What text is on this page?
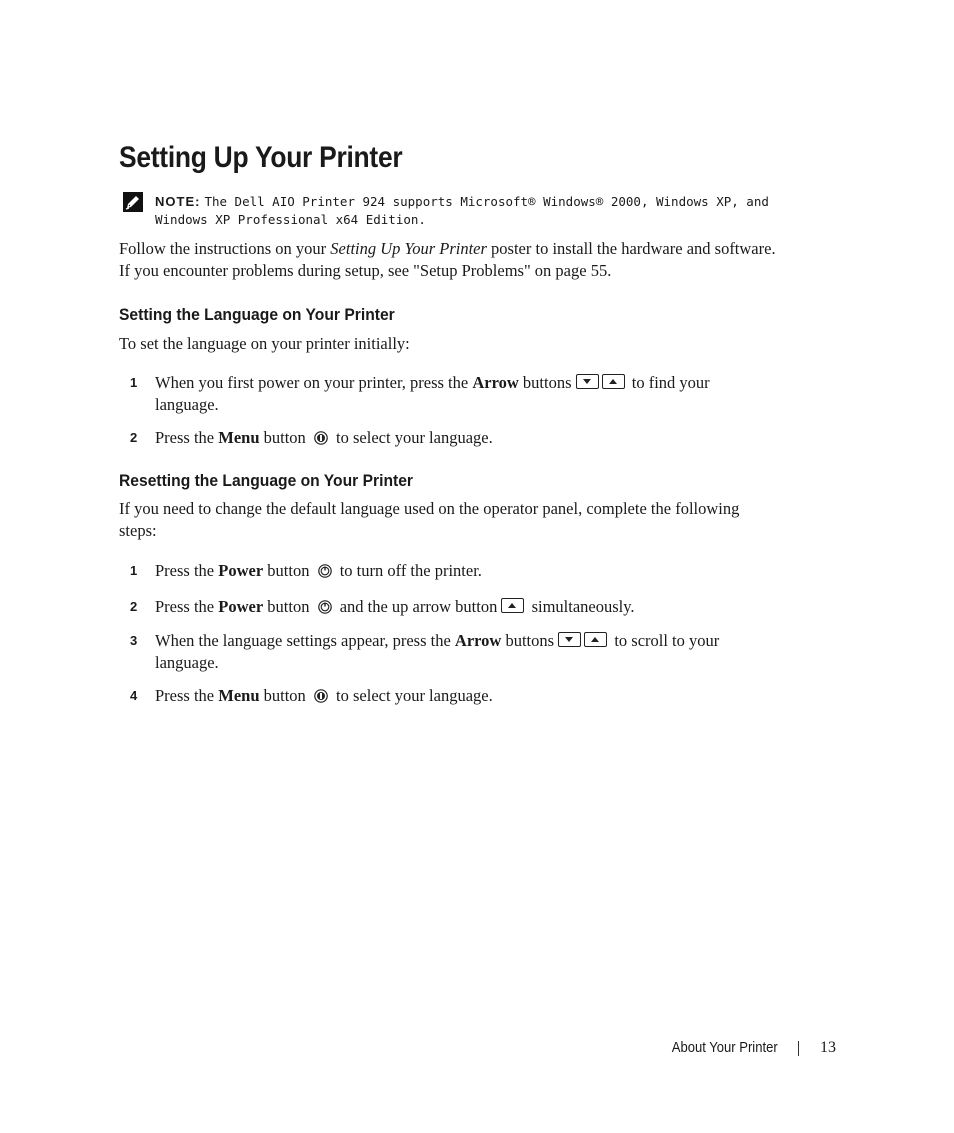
Setting Up Your Printer
NOTE: The Dell AIO Printer 924 supports Microsoft® Windows® 2000, Windows XP, and Windows XP Professional x64 Edition.
Follow the instructions on your Setting Up Your Printer poster to install the hardware and software. If you encounter problems during setup, see "Setup Problems" on page 55.
Setting the Language on Your Printer
To set the language on your printer initially:
1 When you first power on your printer, press the Arrow buttons	to find your language.
2 Press the Menu button  to select your language.
Resetting the Language on Your Printer
If you need to change the default language used on the operator panel, complete the following steps:
1 Press the Power button  to turn off the printer.
2 Press the Power button  and the up arrow button
simultaneously.
3 When the language settings appear, press the Arrow buttons	to scroll to your language.
4 Press the Menu button  to select your language.
About Your Printer	13
